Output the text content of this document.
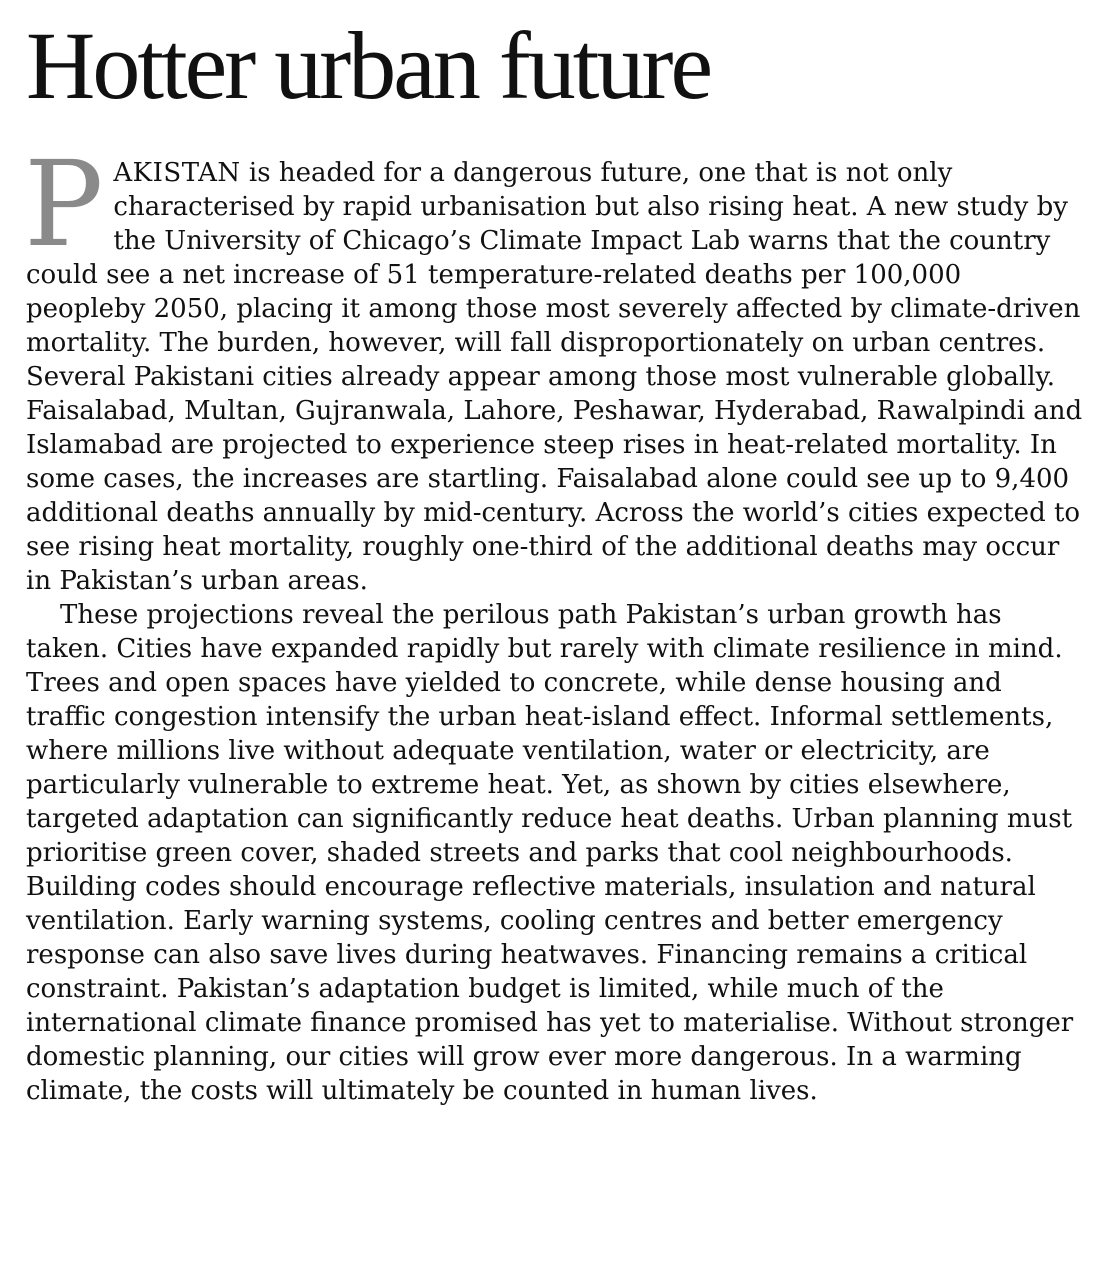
Hotter urban future

PAKISTAN is headed for a dangerous future, one that is not only characterised by rapid urbanisation but also rising heat. A new study by the University of Chicago’s Climate Impact Lab warns that the country could see a net increase of 51 temperature-related deaths per 100,000 peopleby 2050, placing it among those most severely affected by climate-driven mortality. The burden, however, will fall disproportionately on urban centres. Several Pakistani cities already appear among those most vulnerable globally. Faisalabad, Multan, Gujranwala, Lahore, Peshawar, Hyderabad, Rawalpindi and Islamabad are projected to experience steep rises in heat-related mortality. In some cases, the increases are startling. Faisalabad alone could see up to 9,400 additional deaths annually by mid-century. Across the world’s cities expected to see rising heat mortality, roughly one-third of the additional deaths may occur in Pakistan’s urban areas.

These projections reveal the perilous path Pakistan’s urban growth has taken. Cities have expanded rapidly but rarely with climate resilience in mind. Trees and open spaces have yielded to concrete, while dense housing and traffic congestion intensify the urban heat-island effect. Informal settlements, where millions live without adequate ventilation, water or electricity, are particularly vulnerable to extreme heat. Yet, as shown by cities elsewhere, targeted adaptation can significantly reduce heat deaths. Urban planning must prioritise green cover, shaded streets and parks that cool neighbourhoods. Building codes should encourage reflective materials, insulation and natural ventilation. Early warning systems, cooling centres and better emergency response can also save lives during heatwaves. Financing remains a critical constraint. Pakistan’s adaptation budget is limited, while much of the international climate finance promised has yet to materialise. Without stronger domestic planning, our cities will grow ever more dangerous. In a warming climate, the costs will ultimately be counted in human lives.
